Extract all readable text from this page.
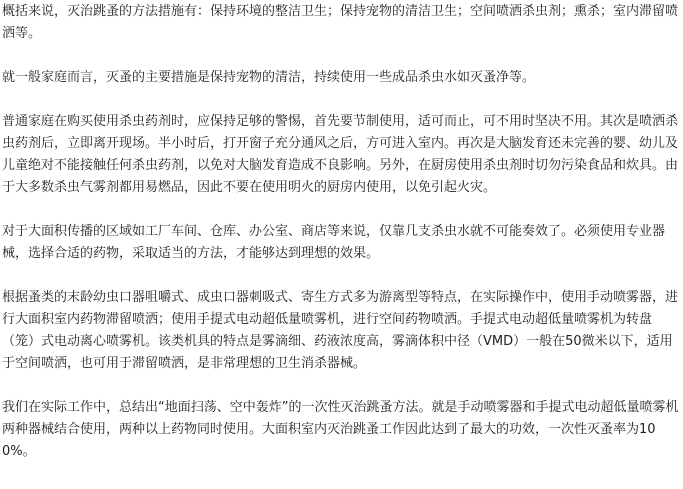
概括来说，灭治跳蚤的方法措施有：保持环境的整洁卫生；保持宠物的清洁卫生；空间喷洒杀虫剂；熏杀；室内滞留喷洒等。

就一般家庭而言，灭蚤的主要措施是保持宠物的清洁，持续使用一些成品杀虫水如灭蚤净等。

普通家庭在购买使用杀虫药剂时，应保持足够的警惕，首先要节制使用，适可而止，可不用时坚决不用。其次是喷洒杀虫药剂后，立即离开现场。半小时后，打开窗子充分通风之后，方可进入室内。再次是大脑发育还未完善的婴、幼儿及儿童绝对不能接触任何杀虫药剂，以免对大脑发育造成不良影响。另外，在厨房使用杀虫剂时切勿污染食品和炊具。由于大多数杀虫气雾剂都用易燃品，因此不要在使用明火的厨房内使用，以免引起火灾。

对于大面积传播的区域如工厂车间、仓库、办公室、商店等来说，仅靠几支杀虫水就不可能奏效了。必须使用专业器械，选择合适的药物，采取适当的方法，才能够达到理想的效果。

根据蚤类的末龄幼虫口器咀嚼式、成虫口器刺吸式、寄生方式多为游离型等特点，在实际操作中，使用手动喷雾器，进行大面积室内药物滞留喷洒；使用手提式电动超低量喷雾机，进行空间药物喷洒。手提式电动超低量喷雾机为转盘（笼）式电动离心喷雾机。该类机具的特点是雾滴细、药液浓度高，雾滴体积中径（VMD）一般在50微米以下，适用于空间喷洒，也可用于滞留喷洒，是非常理想的卫生消杀器械。

我们在实际工作中，总结出“地面扫荡、空中轰炸”的一次性灭治跳蚤方法。就是手动喷雾器和手提式电动超低量喷雾机两种器械结合使用，两种以上药物同时使用。大面积室内灭治跳蚤工作因此达到了最大的功效，一次性灭蚤率为100%。
